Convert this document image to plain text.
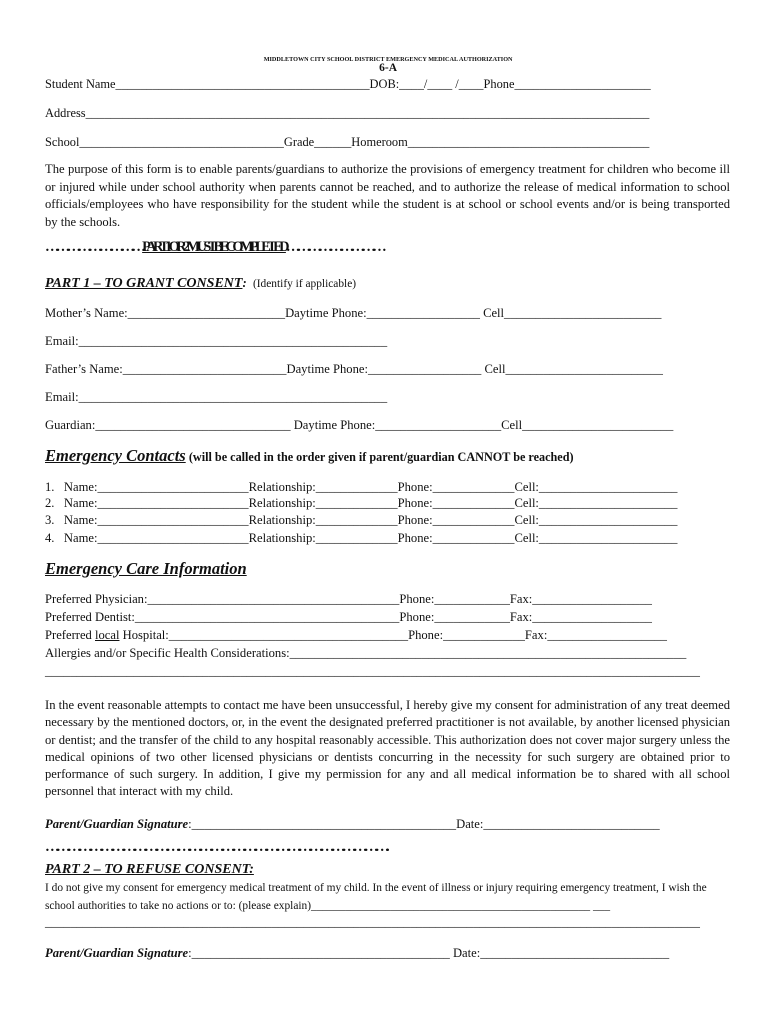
MIDDLETOWN CITY SCHOOL DISTRICT EMERGENCY MEDICAL AUTHORIZATION
6-A

Student Name_________________________________________DOB:____/____ /____Phone______________________
Address___________________________________________________________________________________________
School_________________________________Grade______Homeroom_______________________________________
The purpose of this form is to enable parents/guardians to authorize the provisions of emergency treatment for children who become ill or injured while under school authority when parents cannot be reached, and to authorize the release of medical information to school officials/employees who have responsibility for the student while the student is at school or school events and/or is being transported by the schools.
………………………PART 1 OR 2 MUST BE COMPLETED………………………
PART 1 – TO GRANT CONSENT: (Identify if applicable)
Mother’s Name:_________________________Daytime Phone:__________________ Cell_________________________
Email:_________________________________________________
Father’s Name:__________________________Daytime Phone:__________________ Cell_________________________
Email:_________________________________________________
Guardian:_______________________________ Daytime Phone:____________________Cell________________________
Emergency Contacts (will be called in the order given if parent/guardian CANNOT be reached)
1.   Name:________________________Relationship:_____________Phone:_____________Cell:______________________
2.   Name:________________________Relationship:_____________Phone:_____________Cell:______________________
3.   Name:________________________Relationship:_____________Phone:_____________Cell:______________________
4.   Name:________________________Relationship:_____________Phone:_____________Cell:______________________
Emergency Care Information
Preferred Physician:________________________________________Phone:____________Fax:___________________
Preferred Dentist:__________________________________________Phone:____________Fax:___________________
Preferred local Hospital:______________________________________Phone:_____________Fax:___________________
Allergies and/or Specific Health Considerations:_______________________________________________________________
________________________________________________________________________________________________________
In the event reasonable attempts to contact me have been unsuccessful, I hereby give my consent for administration of any treat deemed necessary by the mentioned doctors, or, in the event the designated preferred practitioner is not available, by another licensed physician or dentist; and the transfer of the child to any hospital reasonably accessible. This authorization does not cover major surgery unless the medical opinions of two other licensed physicians or dentists concurring in the necessity for such surgery are obtained prior to performance of such surgery. In addition, I give my permission for any and all medical information be to shared with all school personnel that interact with my child.
Parent/Guardian Signature:__________________________________________Date:____________________________
…………………………………………………………………………………...
PART 2 – TO REFUSE CONSENT:
I do not give my consent for emergency medical treatment of my child. In the event of illness or injury requiring emergency treatment, I wish the school authorities to take no actions or to: (please explain)_________________________________________________ ___
________________________________________________________________________________________________________
Parent/Guardian Signature:_________________________________________ Date:______________________________
